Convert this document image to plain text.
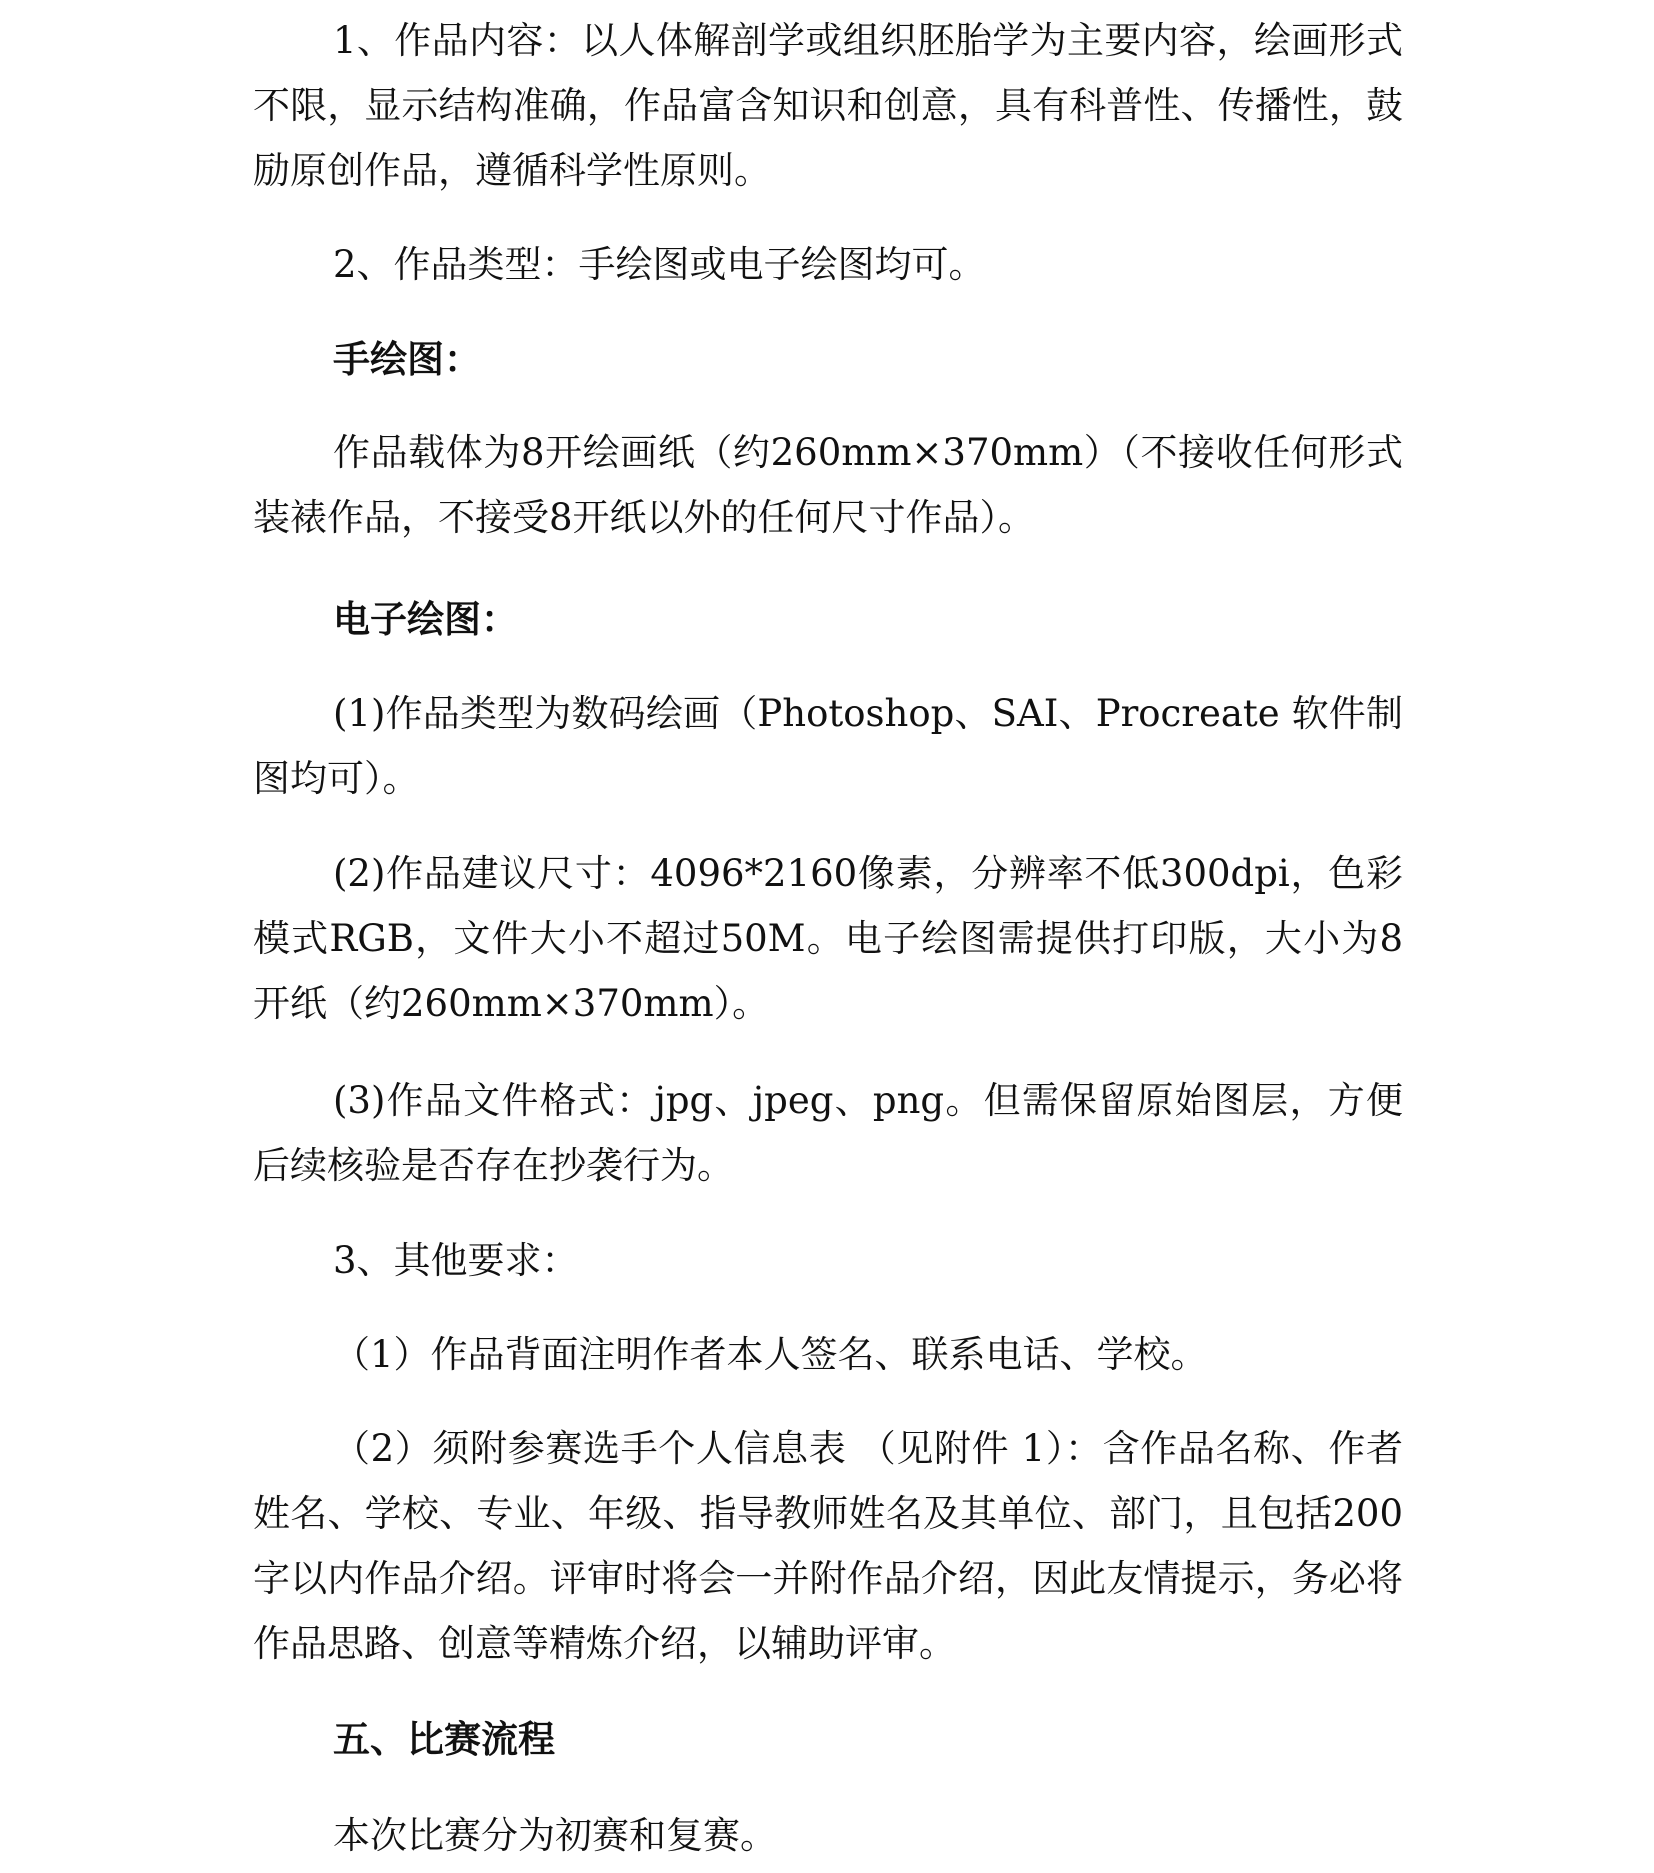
1、作品内容：以人体解剖学或组织胚胎学为主要内容，绘画形式不限，显示结构准确，作品富含知识和创意，具有科普性、传播性，鼓励原创作品，遵循科学性原则。

2、作品类型：手绘图或电子绘图均可。

手绘图：

作品载体为8开绘画纸（约260mm×370mm）（不接收任何形式装裱作品，不接受8开纸以外的任何尺寸作品）。

电子绘图：

(1)作品类型为数码绘画（Photoshop、SAI、Procreate 软件制图均可）。

(2)作品建议尺寸：4096*2160像素，分辨率不低300dpi，色彩模式RGB，文件大小不超过50M。电子绘图需提供打印版，大小为8开纸（约260mm×370mm）。

(3)作品文件格式：jpg、jpeg、png。但需保留原始图层，方便后续核验是否存在抄袭行为。

3、其他要求：

（1）作品背面注明作者本人签名、联系电话、学校。

（2）须附参赛选手个人信息表 （见附件 1）：含作品名称、作者姓名、学校、专业、年级、指导教师姓名及其单位、部门，且包括200字以内作品介绍。评审时将会一并附作品介绍，因此友情提示，务必将作品思路、创意等精炼介绍，以辅助评审。

五、比赛流程

本次比赛分为初赛和复赛。
